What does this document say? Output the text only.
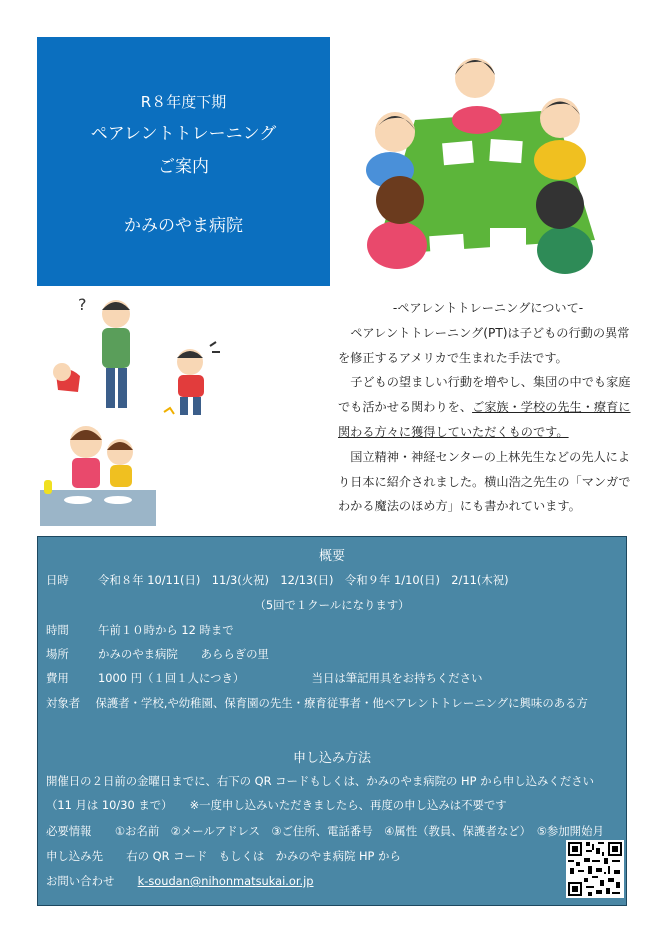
R８年度下期
ペアレントトレーニング
ご案内
かみのやま病院
?	-ペアレントトレーニングについて-

ペアレントトレーニング(PT)は子どもの行動の異常を修正するアメリカで生まれた手法です。

子どもの望ましい行動を増やし、集団の中でも家庭でも活かせる関わりを、ご家族・学校の先生・療育に関わる方々に獲得していただくものです。

国立精神・神経センターの上林先生などの先人により日本に紹介されました。横山浩之先生の「マンガでわかる魔法のほめ方」にも書かれています。

概要
日時	令和８年 10/11(日)　11/3(火祝)　12/13(日)　令和９年 1/10(日)　2/11(木祝)
（5回で１クールになります）
時間	午前１０時から 12 時まで
場所	かみのやま病院　　あららぎの里
費用	1000 円（１回１人につき）	当日は筆記用具をお持ちください
対象者 保護者・学校,や幼稚園、保育園の先生・療育従事者・他ペアレントトレーニングに興味のある方
申し込み方法
開催日の２日前の金曜日までに、右下の QR コードもしくは、かみのやま病院の HP から申し込みください
（11 月は 10/30 まで）　　※一度申し込みいただきましたら、再度の申し込みは不要です
必要情報 ①お名前　②メールアドレス　③ご住所、電話番号　④属性（教員、保護者など）　⑤参加開始月
申し込み先 右の QR コード　もしくは　かみのやま病院 HP から
お問い合わせ k-soudan@nihonmatsukai.or.jp
